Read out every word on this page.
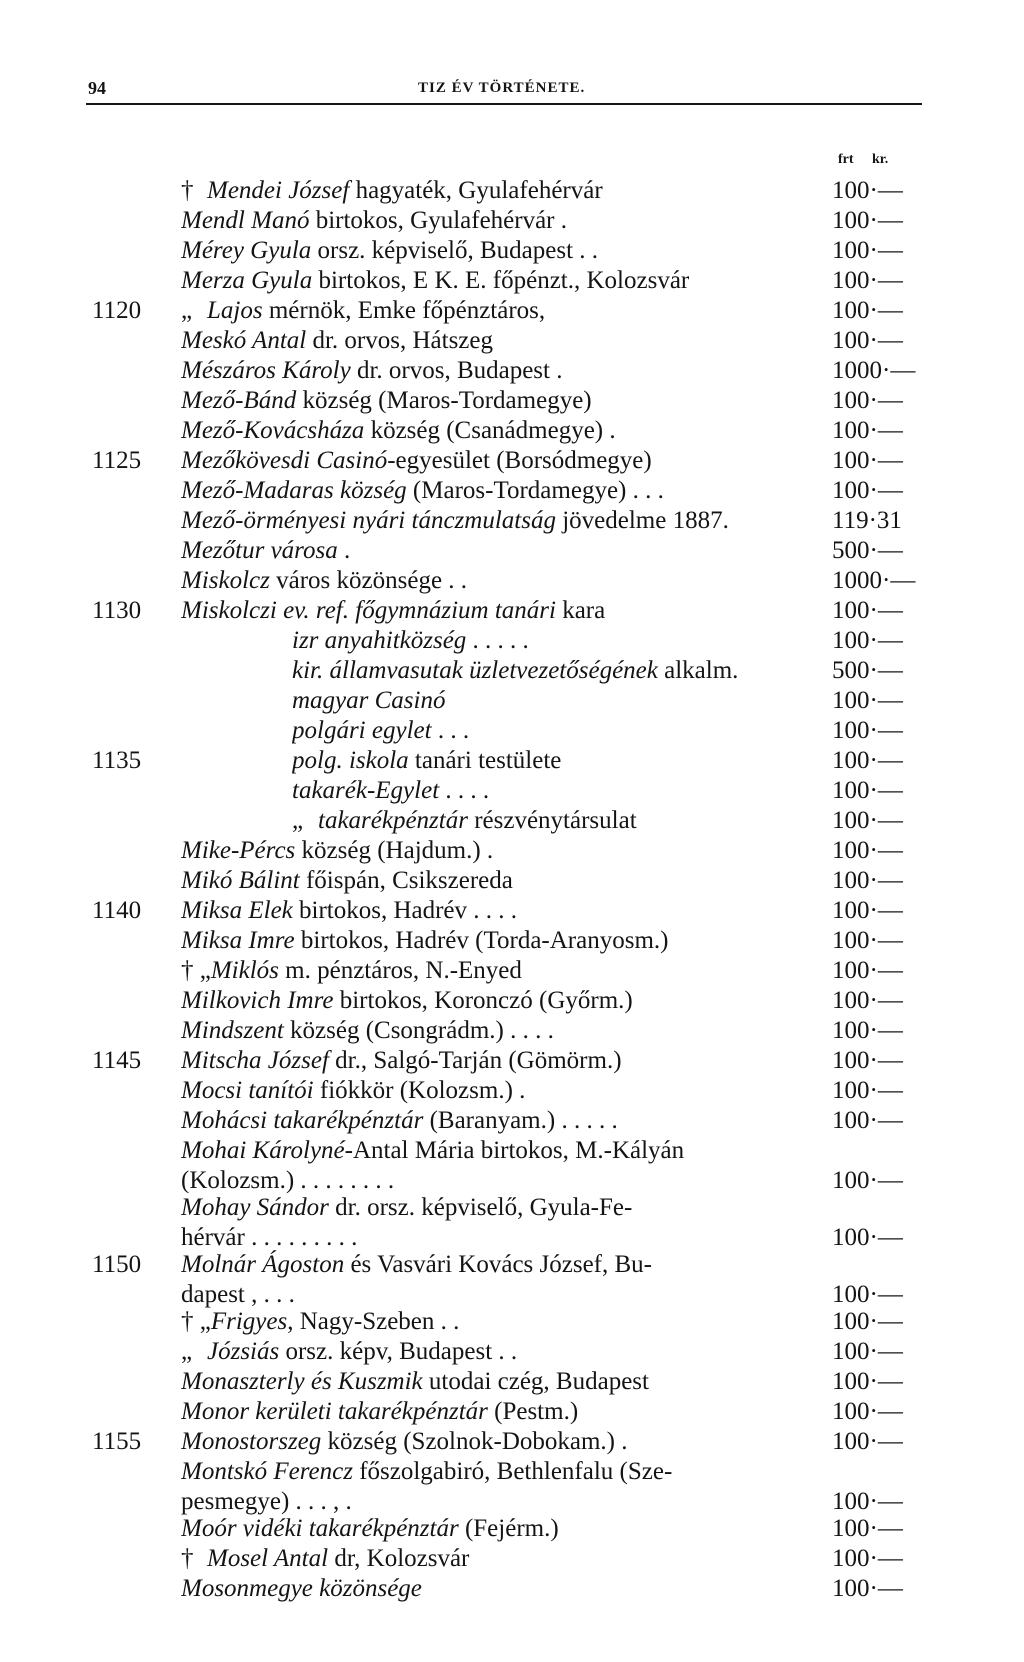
94	TIZ ÉV TÖRTÉNETE.
frt kr.
† Mendei József hagyaték, Gyulafehérvár	100·—
Mendl Manó birtokos, Gyulafehérvár .	100·—
Mérey Gyula orsz. képviselő, Budapest . .	100·—
Merza Gyula birtokos, E K. E. főpénzt., Kolozsvár	100·—
1120	„ Lajos mérnök, Emke főpénztáros,	100·—
Meskó Antal dr. orvos, Hátszeg	100·—
Mészáros Károly dr. orvos, Budapest .	1000·—
Mező-Bánd község (Maros-Tordamegye)	100·—
Mező-Kovácsháza község (Csanádmegye) .	100·—
1125	Mezőkövesdi Casinó-egyesület (Borsódmegye)	100·—
Mező-Madaras község (Maros-Tordamegye) . . .	100·—
Mező-örményesi nyári tánczmulatság jövedelme 1887.	119·31
Mezőtur városa .	500·—
Miskolcz város közönsége . .	1000·—
1130	Miskolczi ev. ref. főgymnázium tanári kara	100·—
izr anyahitközség . . . . .	100·—
kir. államvasutak üzletvezetőségének alkalm.	500·—
magyar Casinó	100·—
polgári egylet . . .	100·—
1135	polg. iskola tanári testülete	100·—
takarék-Egylet . . . .	100·—
„ takarékpénztár részvénytársulat	100·—
Mike-Pércs község (Hajdum.) .	100·—
Mikó Bálint főispán, Csikszereda	100·—
1140	Miksa Elek birtokos, Hadrév . . . .	100·—
Miksa Imre birtokos, Hadrév (Torda-Aranyosm.)	100·—
† „Miklós m. pénztáros, N.-Enyed	100·—
Milkovich Imre birtokos, Koronczó (Győrm.)	100·—
Mindszent község (Csongrádm.) . . . .	100·—
1145	Mitscha József dr., Salgó-Tarján (Gömörm.)	100·—
Mocsi tanítói fiókkör (Kolozsm.) .	100·—
Mohácsi takarékpénztár (Baranyam.) . . . . .	100·—
Mohai Károlyné-Antal Mária birtokos, M.-Kályán
(Kolozsm.) . . . . . . . .	100·—
Mohay Sándor dr. orsz. képviselő, Gyula-Fe-
hérvár . . . . . . . . .	100·—
1150	Molnár Ágoston és Vasvári Kovács József, Bu-
dapest , . . .	100·—
† „Frigyes, Nagy-Szeben . .	100·—
„ Józsiás orsz. képv, Budapest . .	100·—
Monaszterly és Kuszmik utodai czég, Budapest	100·—
Monor kerületi takarékpénztár (Pestm.)	100·—
1155	Monostorszeg község (Szolnok-Dobokam.) .	100·—
Montskó Ferencz főszolgabiró, Bethlenfalu (Sze-
pesmegye) . . . , .	100·—
Moór vidéki takarékpénztár (Fejérm.)	100·—
† Mosel Antal dr, Kolozsvár	100·—
Mosonmegye közönsége	100·—
